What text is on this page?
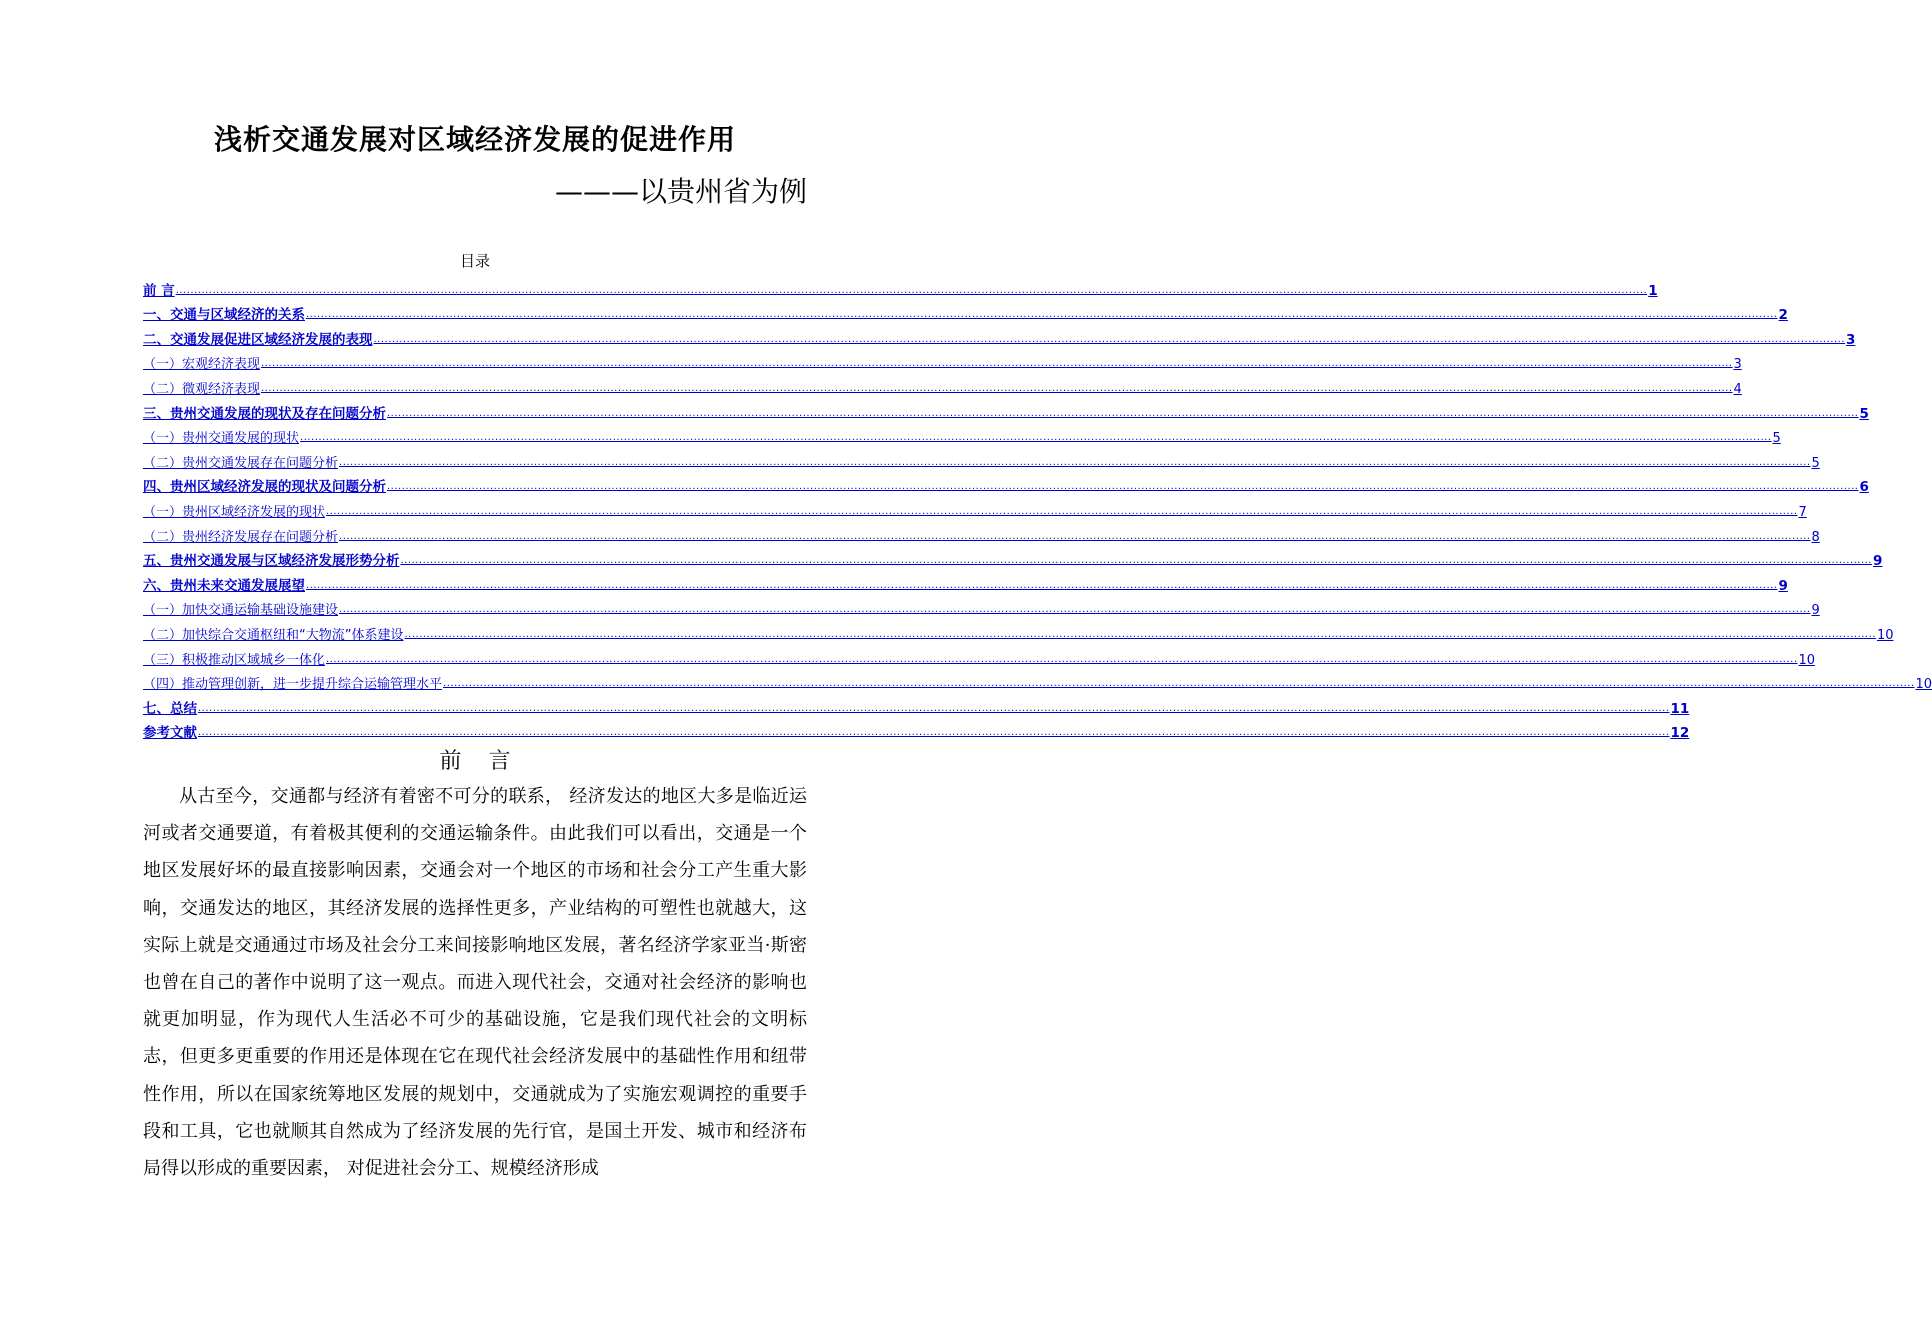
浅析交通发展对区域经济发展的促进作用
———以贵州省为例
目录
前 言 ................................................................................................................................................................................................................................................................................................................................................................................................................ 1
一、交通与区域经济的关系 ................................................................................................................................................................................................................................................................................................................................................................................................................ 2
二、交通发展促进区域经济发展的表现 ................................................................................................................................................................................................................................................................................................................................................................................................................ 3
（一）宏观经济表现 ................................................................................................................................................................................................................................................................................................................................................................................................................ 3
（二）微观经济表现 ................................................................................................................................................................................................................................................................................................................................................................................................................ 4
三、贵州交通发展的现状及存在问题分析 ................................................................................................................................................................................................................................................................................................................................................................................................................ 5
（一）贵州交通发展的现状 ................................................................................................................................................................................................................................................................................................................................................................................................................ 5
（二）贵州交通发展存在问题分析 ................................................................................................................................................................................................................................................................................................................................................................................................................ 5
四、贵州区域经济发展的现状及问题分析 ................................................................................................................................................................................................................................................................................................................................................................................................................ 6
（一）贵州区域经济发展的现状 ................................................................................................................................................................................................................................................................................................................................................................................................................ 7
（二）贵州经济发展存在问题分析 ................................................................................................................................................................................................................................................................................................................................................................................................................ 8
五、贵州交通发展与区域经济发展形势分析 ................................................................................................................................................................................................................................................................................................................................................................................................................ 9
六、贵州未来交通发展展望 ................................................................................................................................................................................................................................................................................................................................................................................................................ 9
（一）加快交通运输基础设施建设 ................................................................................................................................................................................................................................................................................................................................................................................................................ 9
（二）加快综合交通枢纽和“大物流”体系建设 ................................................................................................................................................................................................................................................................................................................................................................................................................ 10
（三）积极推动区域城乡一体化 ................................................................................................................................................................................................................................................................................................................................................................................................................ 10
（四）推动管理创新，进一步提升综合运输管理水平 ................................................................................................................................................................................................................................................................................................................................................................................................................ 10
七、总结 ................................................................................................................................................................................................................................................................................................................................................................................................................ 11
参考文献 ................................................................................................................................................................................................................................................................................................................................................................................................................ 12
前 言

从古至今，交通都与经济有着密不可分的联系， 经济发达的地区大多是临近运河或者交通要道，有着极其便利的交通运输条件。由此我们可以看出，交通是一个地区发展好坏的最直接影响因素，交通会对一个地区的市场和社会分工产生重大影响，交通发达的地区，其经济发展的选择性更多，产业结构的可塑性也就越大，这实际上就是交通通过市场及社会分工来间接影响地区发展，著名经济学家亚当·斯密也曾在自己的著作中说明了这一观点。而进入现代社会，交通对社会经济的影响也就更加明显，作为现代人生活必不可少的基础设施，它是我们现代社会的文明标志，但更多更重要的作用还是体现在它在现代社会经济发展中的基础性作用和纽带性作用，所以在国家统筹地区发展的规划中，交通就成为了实施宏观调控的重要手段和工具，它也就顺其自然成为了经济发展的先行官，是国土开发、城市和经济布局得以形成的重要因素， 对促进社会分工、规模经济形成
